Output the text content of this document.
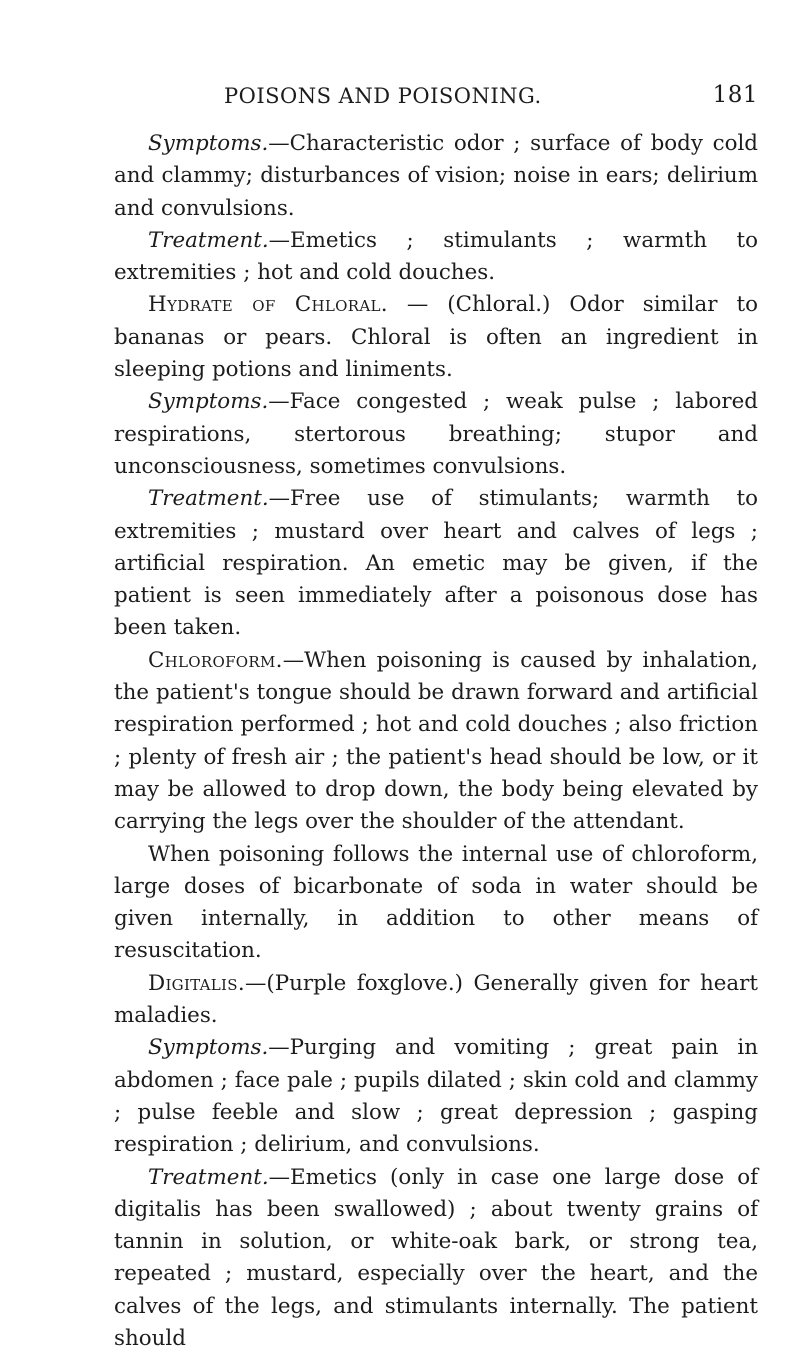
POISONS AND POISONING.	181

Symptoms.—Characteristic odor ; surface of body cold and clammy; disturbances of vision; noise in ears; delirium and convulsions.

Treatment.—Emetics ; stimulants ; warmth to extremities ; hot and cold douches.

Hydrate of Chloral. — (Chloral.) Odor similar to bananas or pears. Chloral is often an ingredient in sleeping potions and liniments.

Symptoms.—Face congested ; weak pulse ; labored respirations, stertorous breathing; stupor and unconsciousness, sometimes convulsions.

Treatment.—Free use of stimulants; warmth to extremities ; mustard over heart and calves of legs ; artificial respiration. An emetic may be given, if the patient is seen immediately after a poisonous dose has been taken.

Chloroform.—When poisoning is caused by inhalation, the patient's tongue should be drawn forward and artificial respiration performed ; hot and cold douches ; also friction ; plenty of fresh air ; the patient's head should be low, or it may be allowed to drop down, the body being elevated by carrying the legs over the shoulder of the attendant.

When poisoning follows the internal use of chloroform, large doses of bicarbonate of soda in water should be given internally, in addition to other means of resuscitation.

Digitalis.—(Purple foxglove.) Generally given for heart maladies.

Symptoms.—Purging and vomiting ; great pain in abdomen ; face pale ; pupils dilated ; skin cold and clammy ; pulse feeble and slow ; great depression ; gasping respiration ; delirium, and convulsions.

Treatment.—Emetics (only in case one large dose of digitalis has been swallowed) ; about twenty grains of tannin in solution, or white-oak bark, or strong tea, repeated ; mustard, especially over the heart, and the calves of the legs, and stimulants internally. The patient should
